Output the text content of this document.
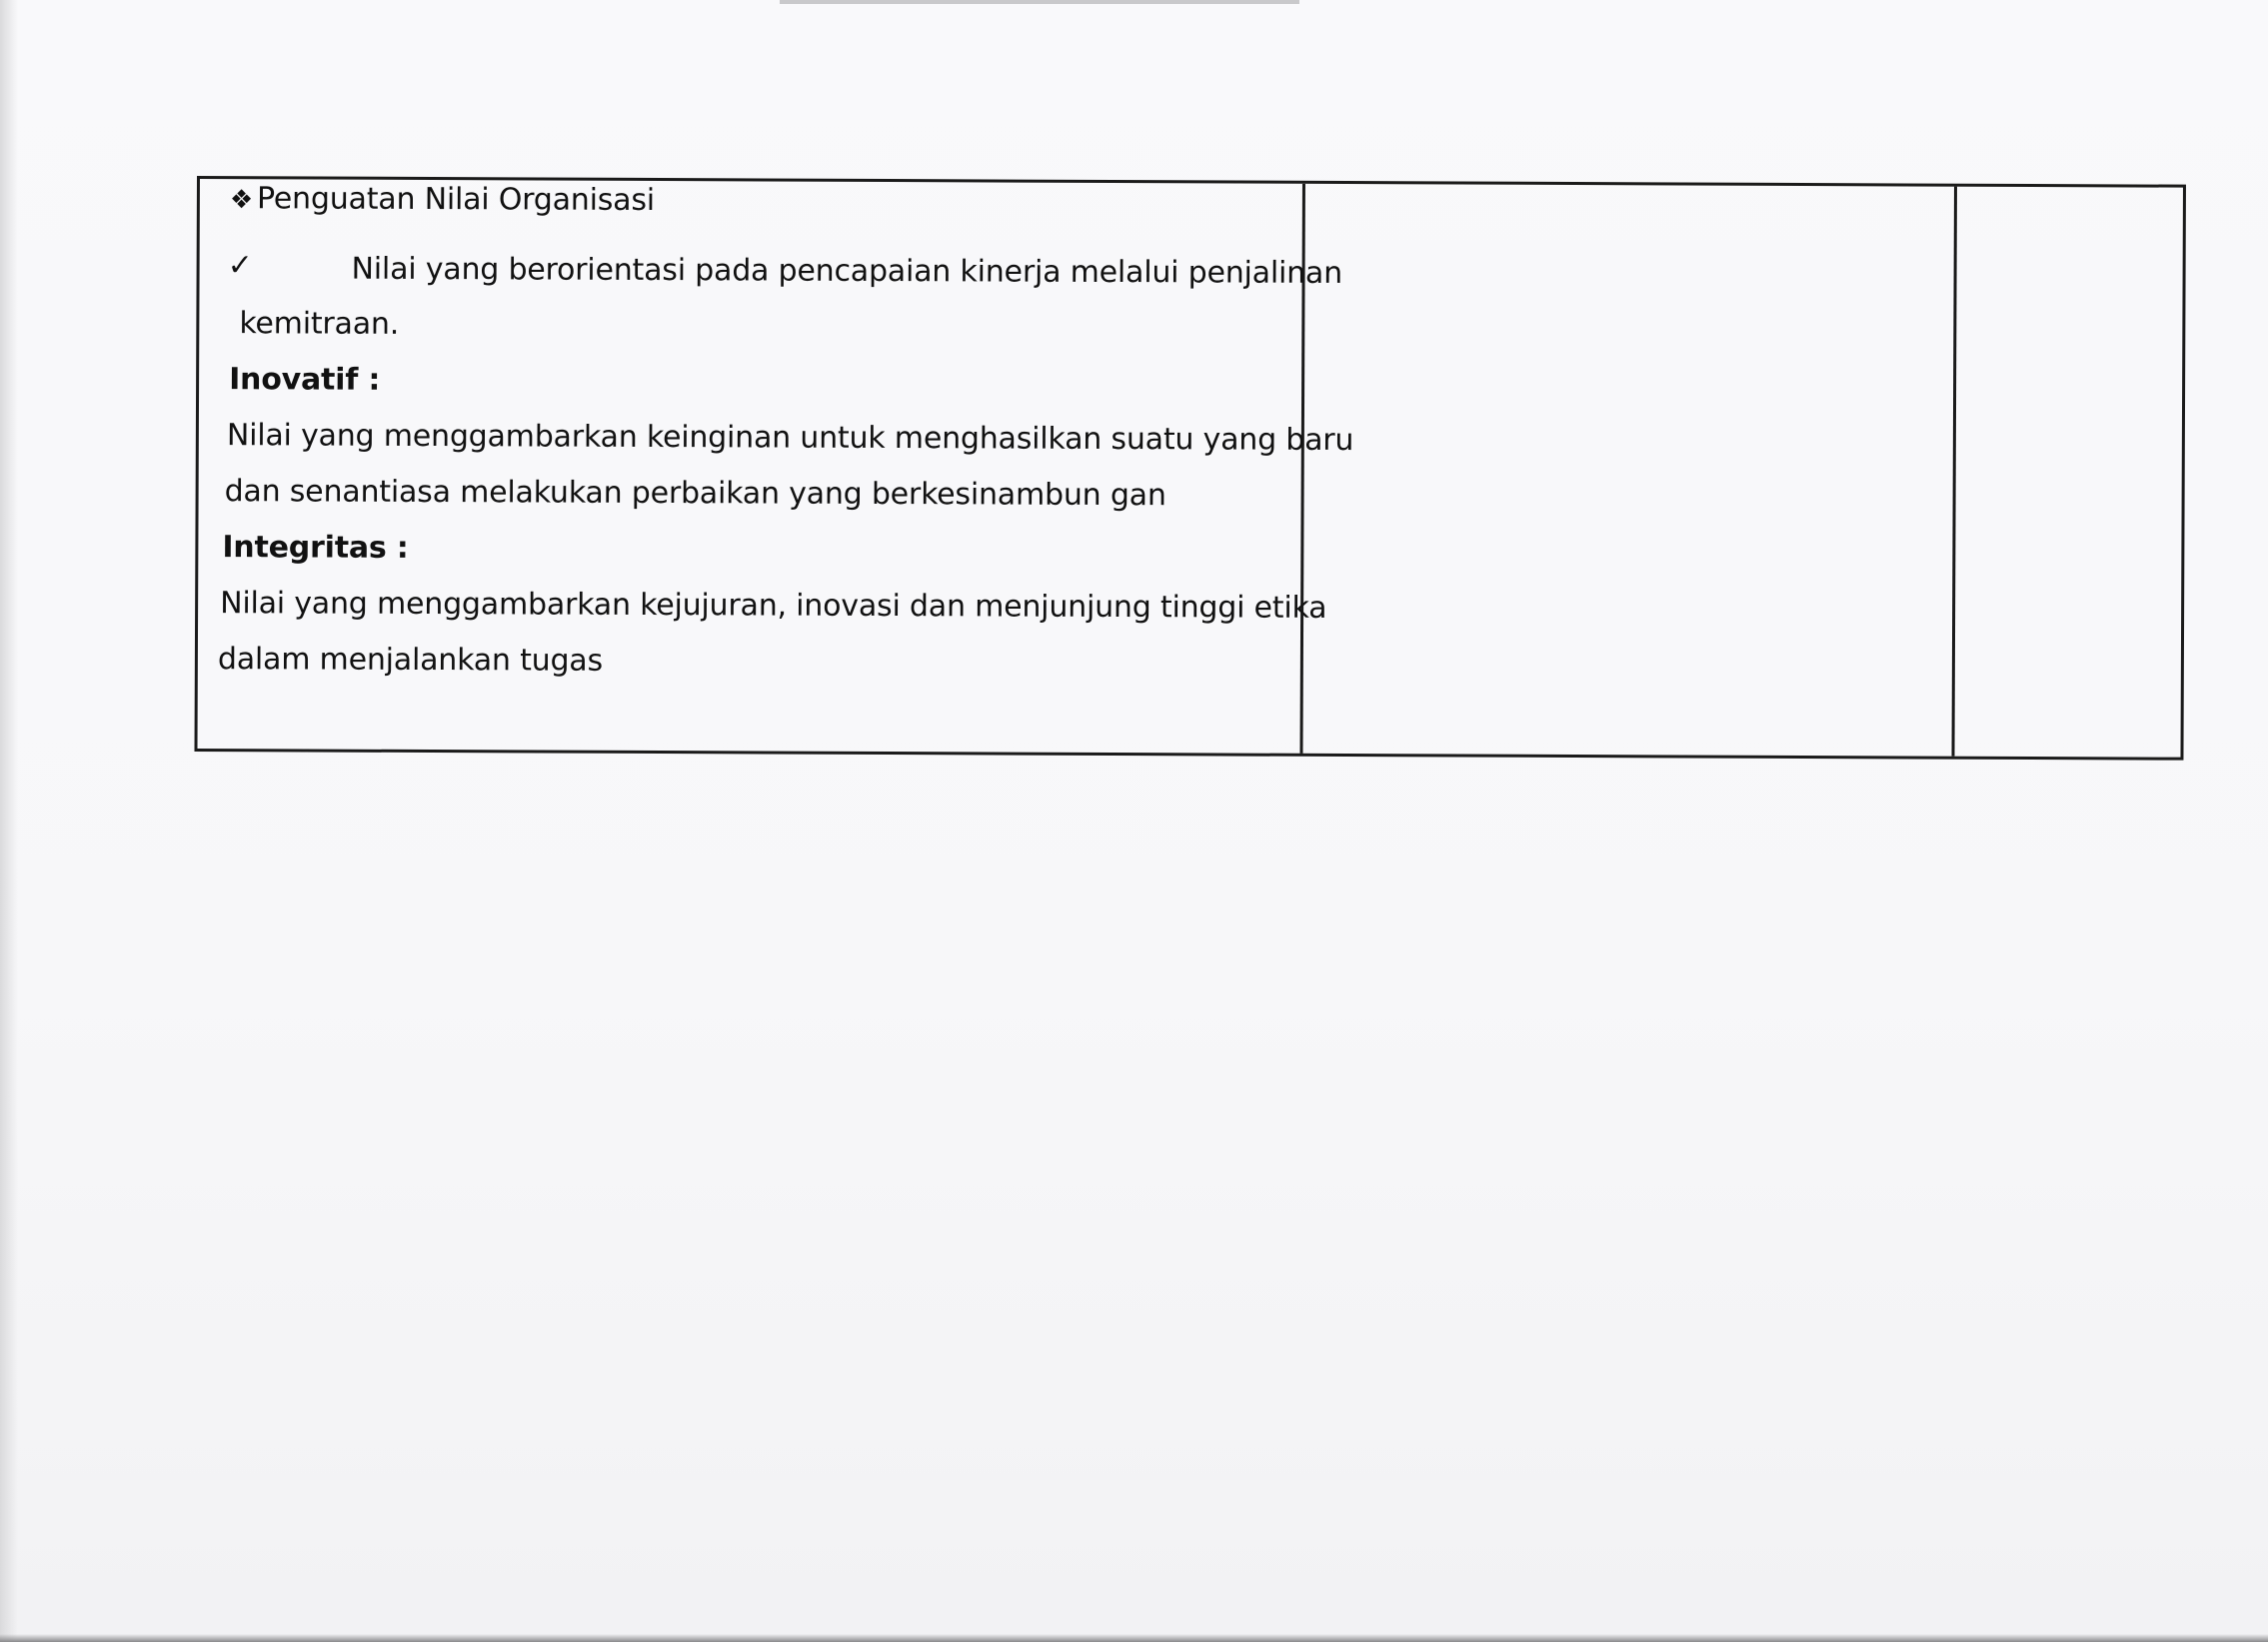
❖ Penguatan Nilai Organisasi
✓	Nilai yang berorientasi pada pencapaian kinerja melalui penjalinan
kemitraan.
Inovatif :
Nilai yang menggambarkan keinginan untuk menghasilkan suatu yang baru
dan senantiasa melakukan perbaikan yang berkesinambun gan
Integritas :
Nilai yang menggambarkan kejujuran, inovasi dan menjunjung tinggi etika
dalam menjalankan tugas
